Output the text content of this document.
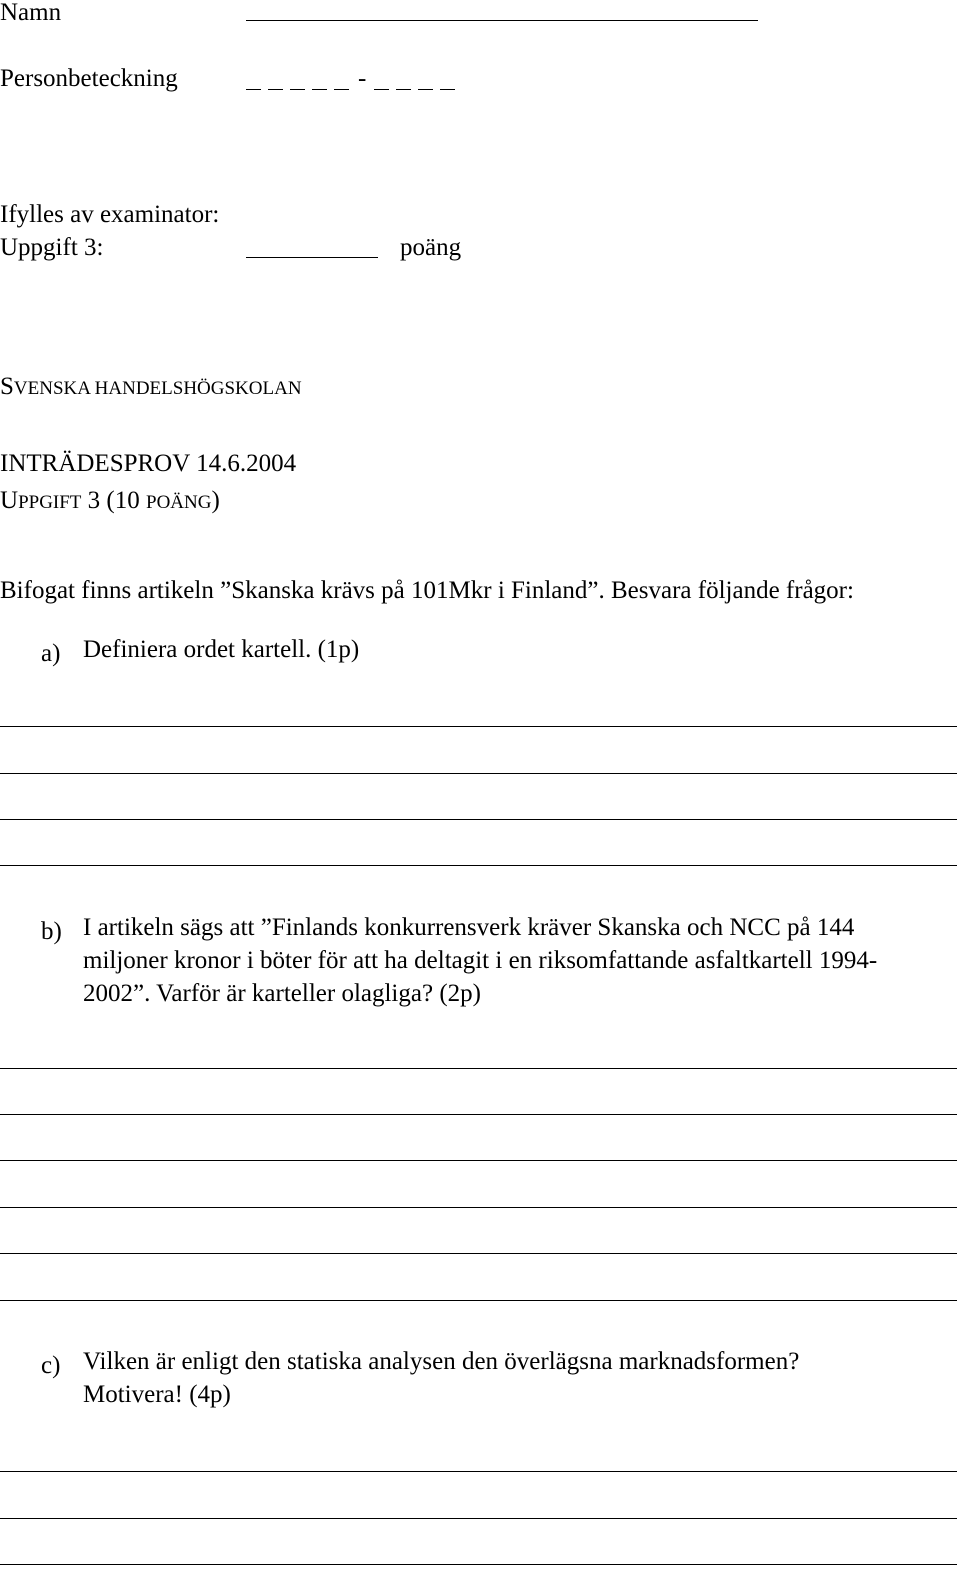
Namn
Personbeteckning	-
Ifylles av examinator:
Uppgift 3:	poäng
SVENSKA HANDELSHÖGSKOLAN
INTRÄDESPROV 14.6.2004
UPPGIFT 3 (10 POÄNG)
Bifogat finns artikeln ”Skanska krävs på 101Mkr i Finland”. Besvara följande frågor:
a) Definiera ordet kartell. (1p)
b) I artikeln sägs att ”Finlands konkurrensverk kräver Skanska och NCC på 144
miljoner kronor i böter för att ha deltagit i en riksomfattande asfaltkartell 1994-
2002”. Varför är karteller olagliga? (2p)
c) Vilken är enligt den statiska analysen den överlägsna marknadsformen?
Motivera! (4p)
